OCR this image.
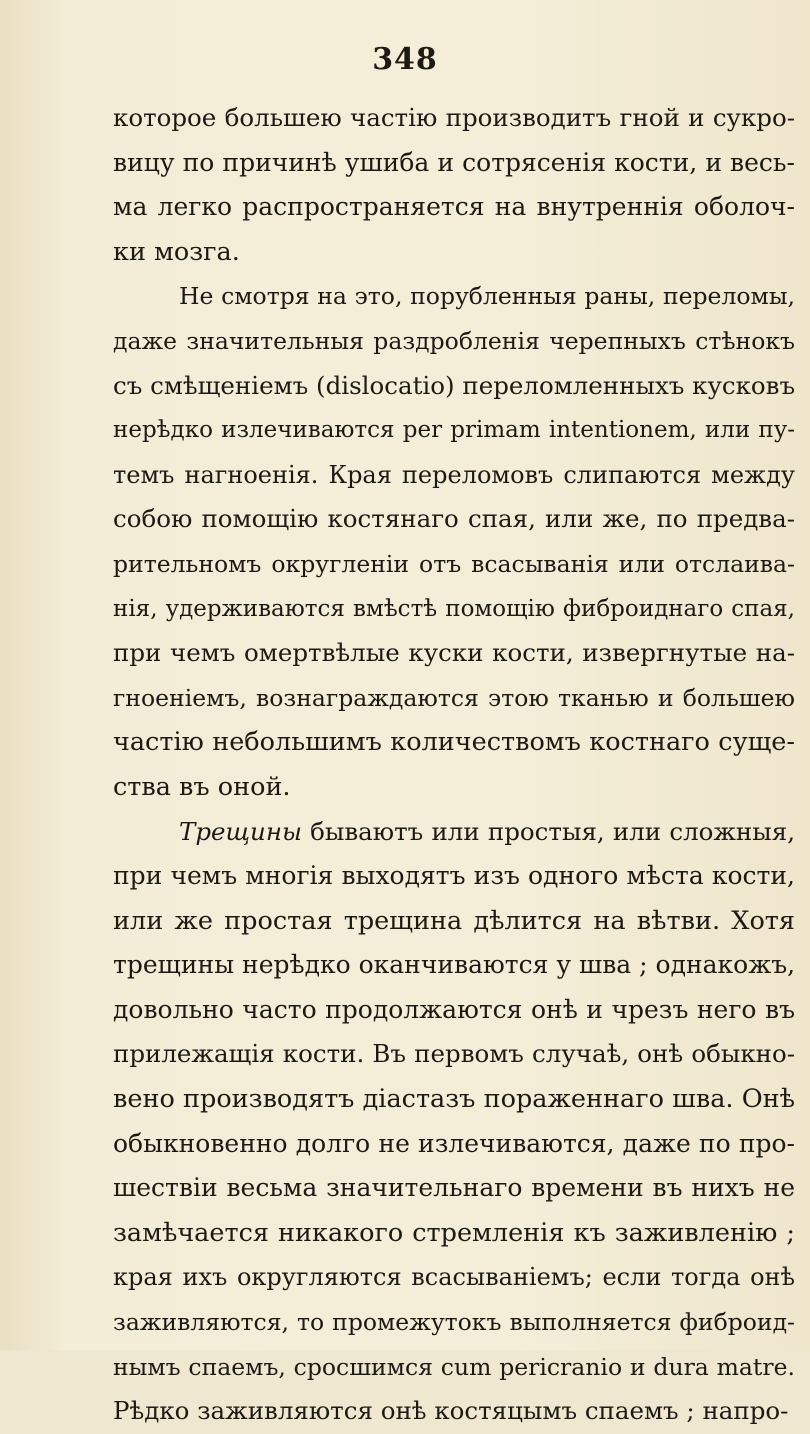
348
которое большею частію производитъ гной и сукро-
вицу по причинѣ ушиба и сотрясенія кости, и весь-
ма легко распространяется на внутреннія оболоч-
ки мозга.
Не смотря на это, порубленныя раны, переломы,
даже значительныя раздробленія черепныхъ стѣнокъ
съ смѣщеніемъ (dislocatio) переломленныхъ кусковъ
нерѣдко излечиваются per primam intentionem, или пу-
темъ нагноенія. Края переломовъ слипаются между
собою помощію костянаго спая, или же, по предва-
рительномъ округленіи отъ всасыванія или отслаива-
нія, удерживаются вмѣстѣ помощію фиброиднаго спая,
при чемъ омертвѣлые куски кости, извергнутые на-
гноеніемъ, вознаграждаются этою тканью и большею
частію небольшимъ количествомъ костнаго суще-
ства въ оной.
Трещины бываютъ или простыя, или сложныя,
при чемъ многія выходятъ изъ одного мѣста кости,
или же простая трещина дѣлится на вѣтви. Хотя
трещины нерѣдко оканчиваются у шва ; однакожъ,
довольно часто продолжаются онѣ и чрезъ него въ
прилежащія кости. Въ первомъ случаѣ, онѣ обыкно-
вено производятъ діастазъ пораженнаго шва. Онѣ
обыкновенно долго не излечиваются, даже по про-
шествіи весьма значительнаго времени въ нихъ не
замѣчается никакого стремленія къ заживленію ;
края ихъ округляются всасываніемъ; если тогда онѣ
заживляются, то промежутокъ выполняется фиброид-
нымъ спаемъ, сросшимся cum pericranio и dura matre.
Рѣдко заживляются онѣ костяцымъ спаемъ ; напро-
